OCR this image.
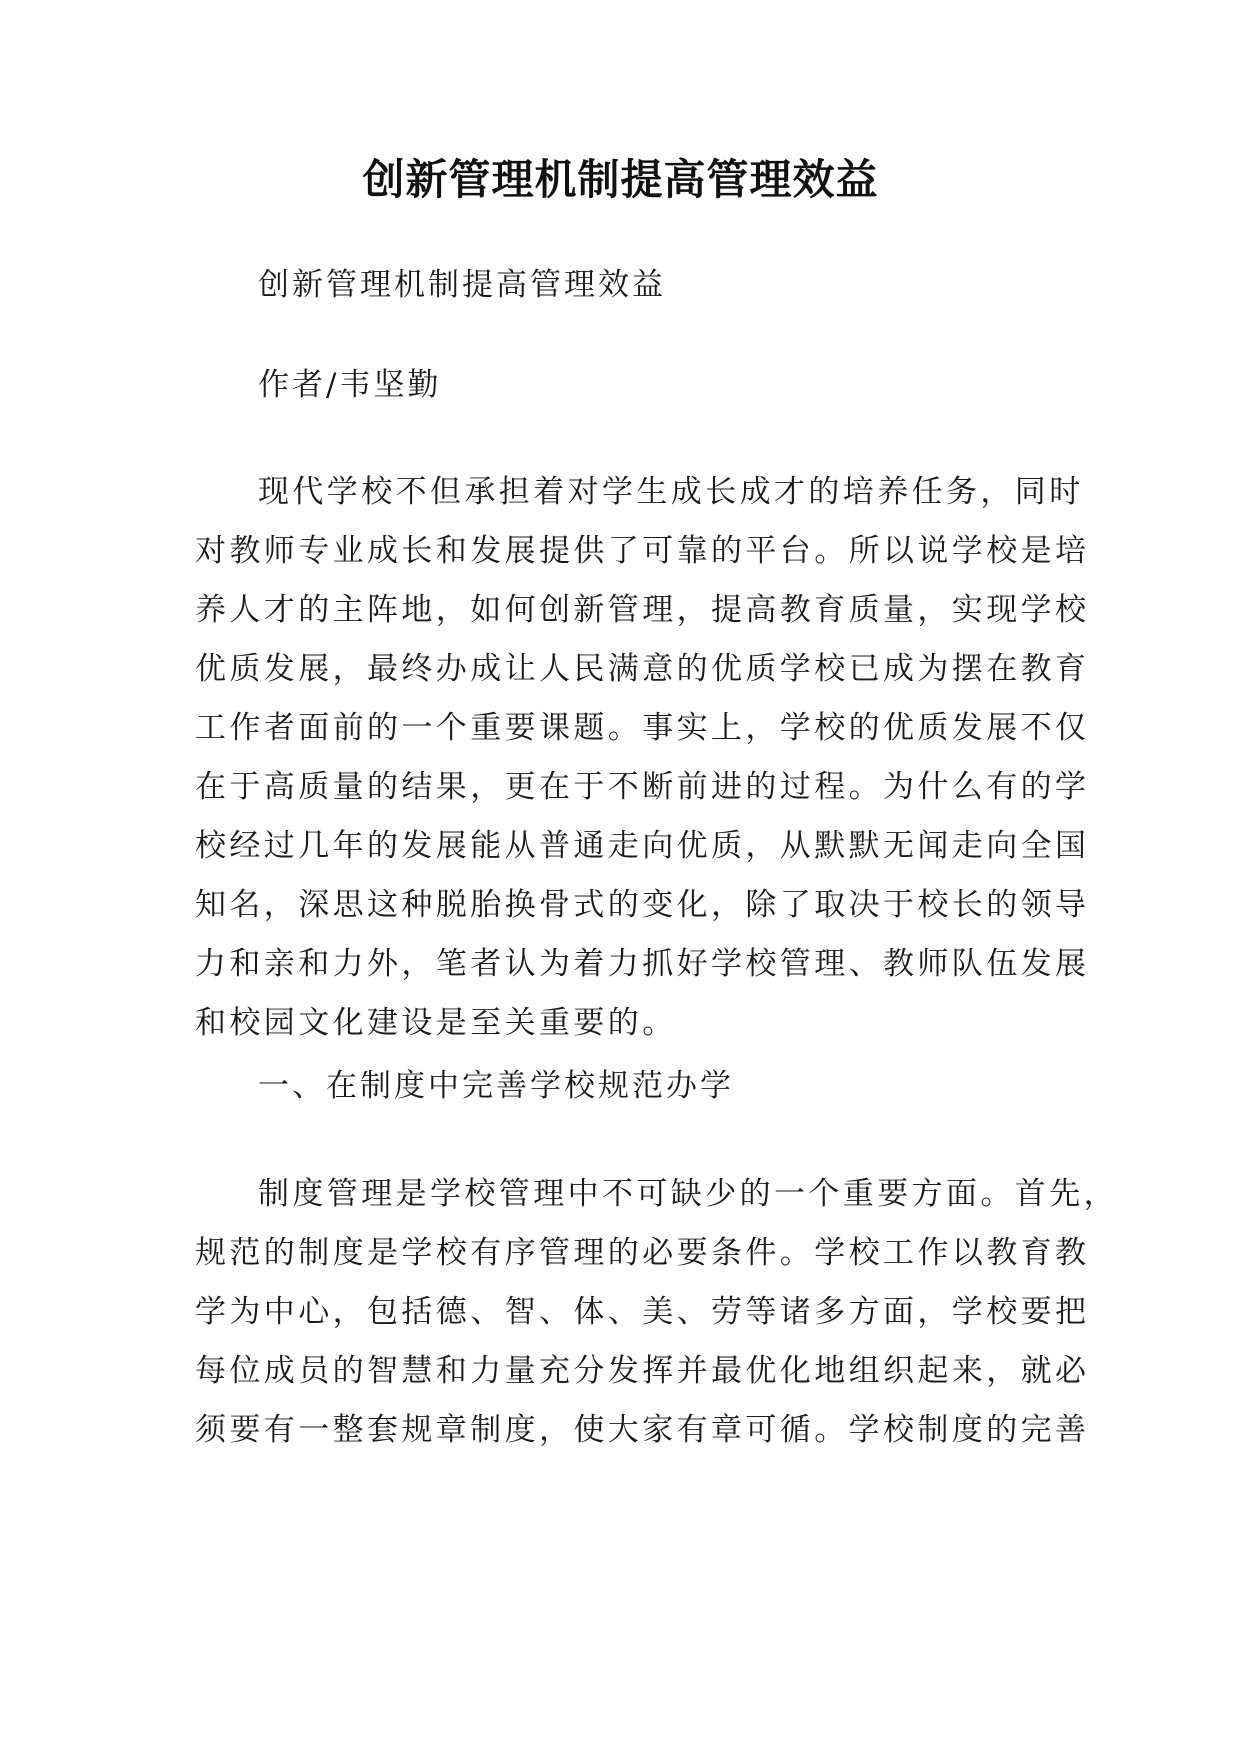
创新管理机制提高管理效益

创新管理机制提高管理效益

作者/韦坚勤

现代学校不但承担着对学生成长成才的培养任务，同时
对教师专业成长和发展提供了可靠的平台。所以说学校是培
养人才的主阵地，如何创新管理，提高教育质量，实现学校
优质发展，最终办成让人民满意的优质学校已成为摆在教育
工作者面前的一个重要课题。事实上，学校的优质发展不仅
在于高质量的结果，更在于不断前进的过程。为什么有的学
校经过几年的发展能从普通走向优质，从默默无闻走向全国
知名，深思这种脱胎换骨式的变化，除了取决于校长的领导
力和亲和力外，笔者认为着力抓好学校管理、教师队伍发展
和校园文化建设是至关重要的。

一、在制度中完善学校规范办学

制度管理是学校管理中不可缺少的一个重要方面。首先，
规范的制度是学校有序管理的必要条件。学校工作以教育教
学为中心，包括德、智、体、美、劳等诸多方面，学校要把
每位成员的智慧和力量充分发挥并最优化地组织起来，就必
须要有一整套规章制度，使大家有章可循。学校制度的完善
